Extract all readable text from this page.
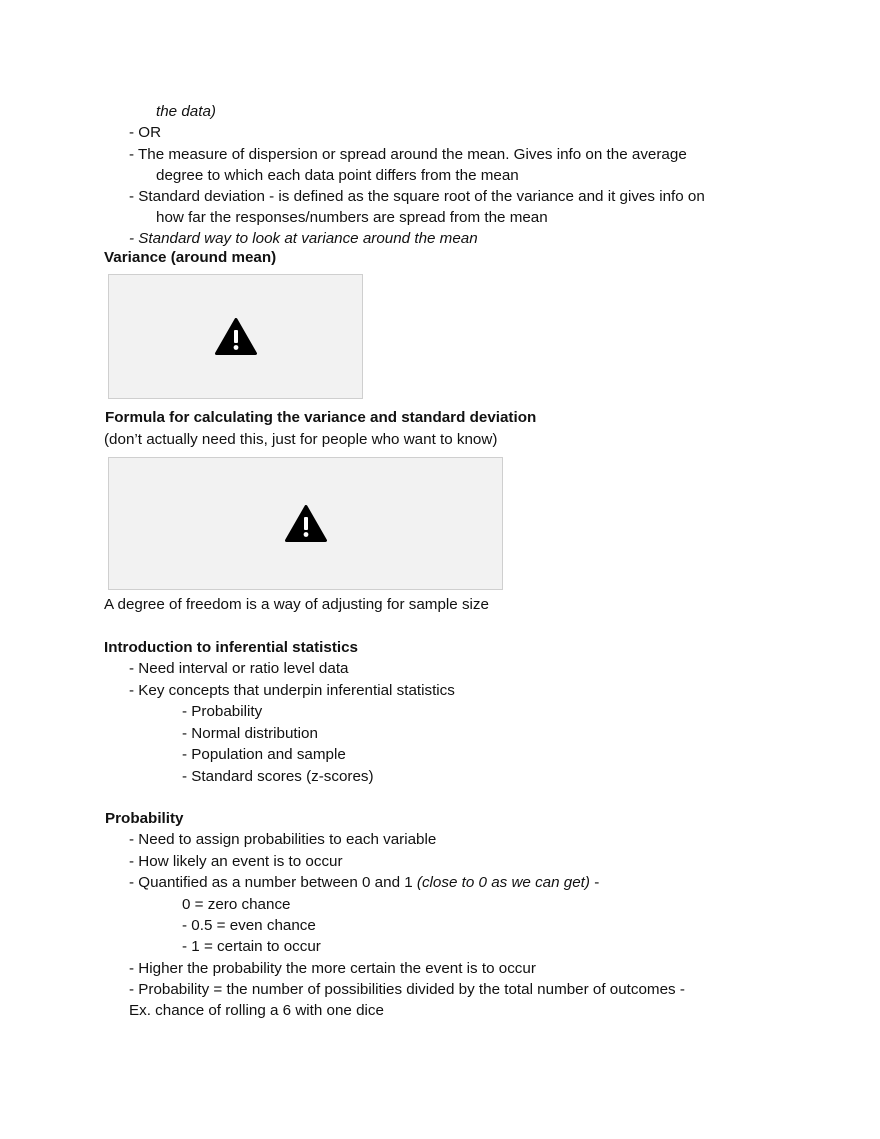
the data)
- OR
- The measure of dispersion or spread around the mean. Gives info on the average
degree to which each data point differs from the mean
- Standard deviation - is defined as the square root of the variance and it gives info on
how far the responses/numbers are spread from the mean
- Standard way to look at variance around the mean
Variance (around mean)
Formula for calculating the variance and standard deviation
(don’t actually need this, just for people who want to know)
A degree of freedom is a way of adjusting for sample size
Introduction to inferential statistics
- Need interval or ratio level data
- Key concepts that underpin inferential statistics
- Probability
- Normal distribution
- Population and sample
- Standard scores (z-scores)
Probability
- Need to assign probabilities to each variable
- How likely an event is to occur
- Quantified as a number between 0 and 1 (close to 0 as we can get) -
0 = zero chance
- 0.5 = even chance
- 1 = certain to occur
- Higher the probability the more certain the event is to occur
- Probability = the number of possibilities divided by the total number of outcomes -
Ex. chance of rolling a 6 with one dice
